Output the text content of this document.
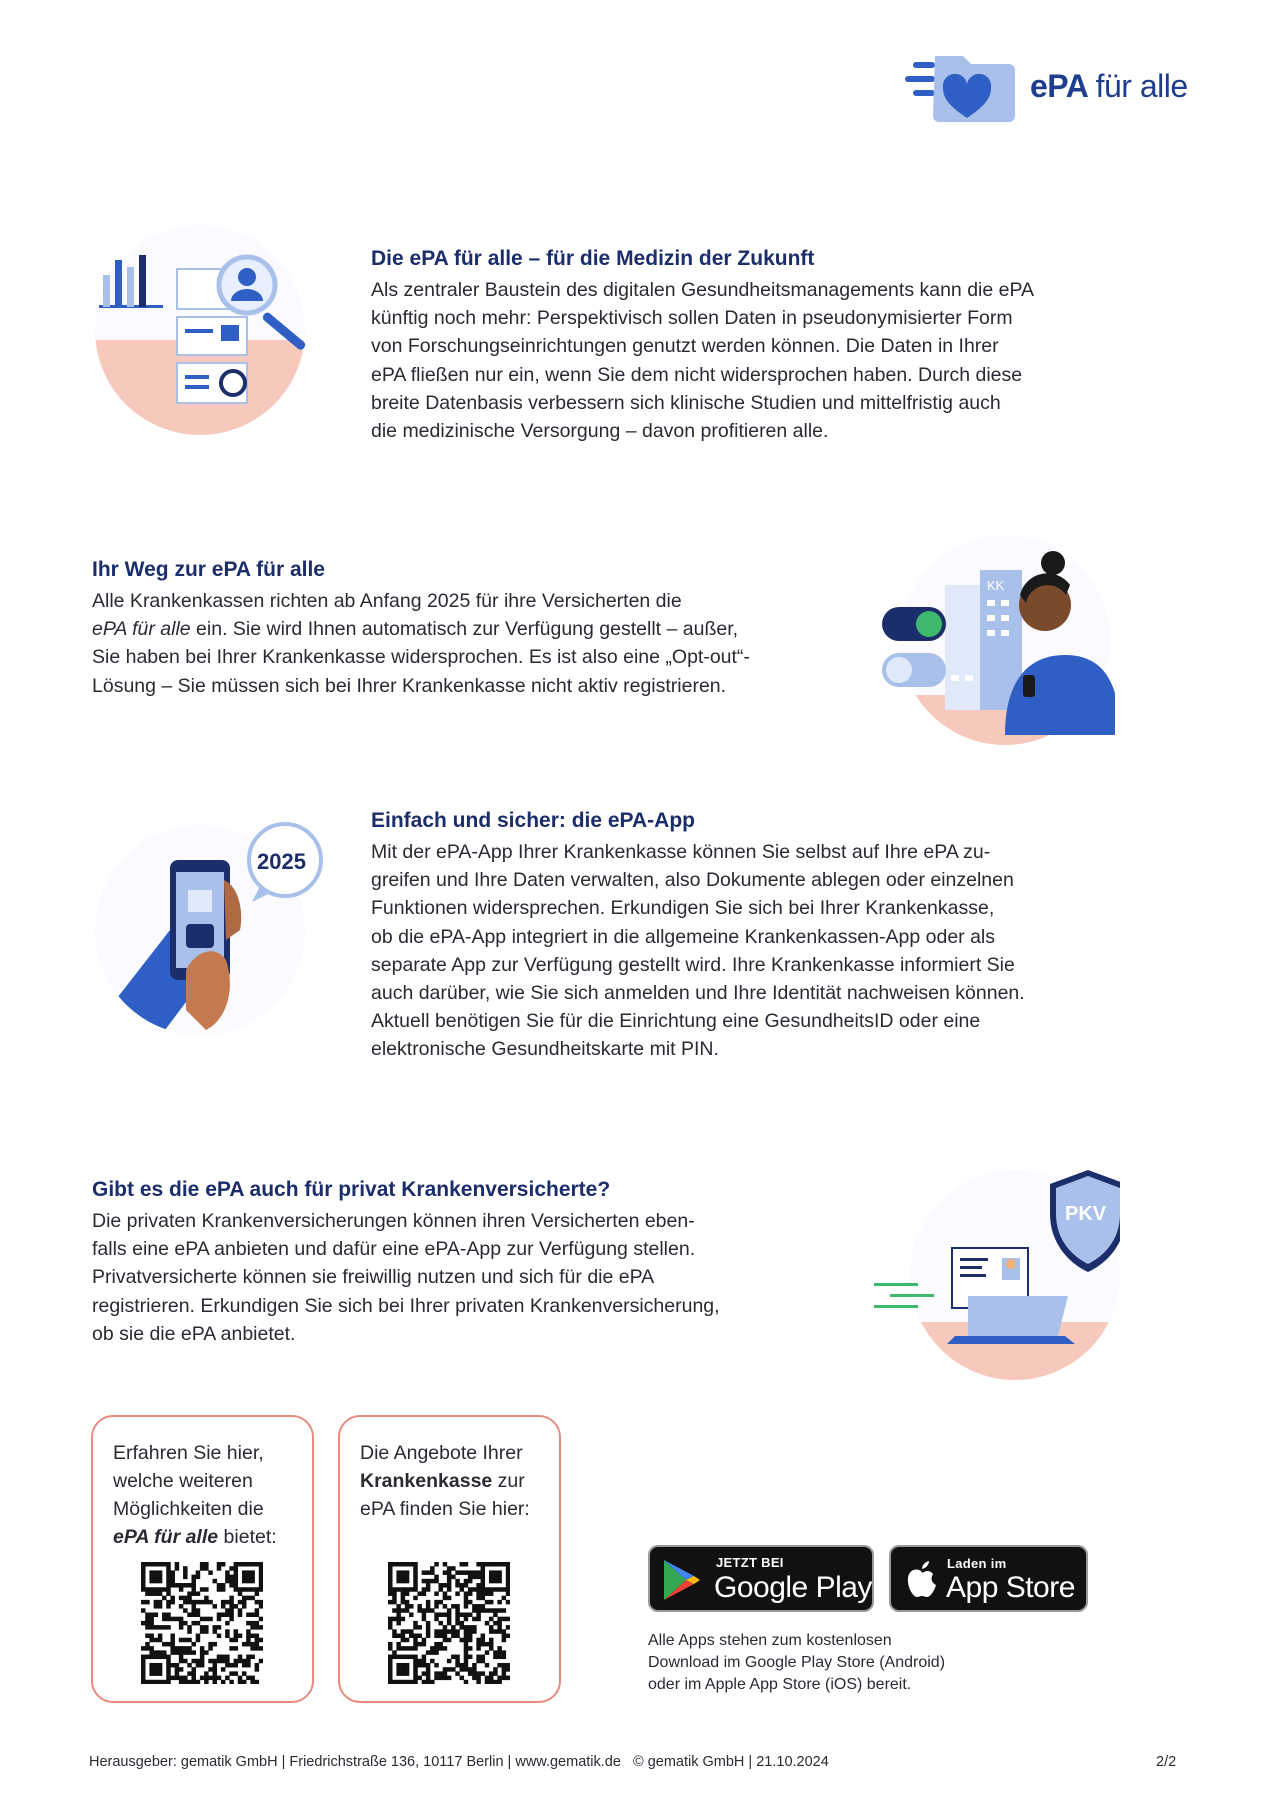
ePA für alle
Die ePA für alle – für die Medizin der Zukunft

Als zentraler Baustein des digitalen Gesundheitsmanagements kann die ePA
künftig noch mehr: Perspektivisch sollen Daten in pseudonymisierter Form
von Forschungseinrichtungen genutzt werden können. Die Daten in Ihrer
ePA fließen nur ein, wenn Sie dem nicht widersprochen haben. Durch diese
breite Datenbasis verbessern sich klinische Studien und mittelfristig auch
die medizinische Versorgung – davon profitieren alle.

Ihr Weg zur ePA für alle

Alle Krankenkassen richten ab Anfang 2025 für ihre Versicherten die
ePA für alle ein. Sie wird Ihnen automatisch zur Verfügung gestellt – außer,
Sie haben bei Ihrer Krankenkasse widersprochen. Es ist also eine „Opt-out“-
Lösung – Sie müssen sich bei Ihrer Krankenkasse nicht aktiv registrieren.

KK
2025
Einfach und sicher: die ePA-App

Mit der ePA-App Ihrer Krankenkasse können Sie selbst auf Ihre ePA zu-
greifen und Ihre Daten verwalten, also Dokumente ablegen oder einzelnen
Funktionen widersprechen. Erkundigen Sie sich bei Ihrer Krankenkasse,
ob die ePA-App integriert in die allgemeine Krankenkassen-App oder als
separate App zur Verfügung gestellt wird. Ihre Krankenkasse informiert Sie
auch darüber, wie Sie sich anmelden und Ihre Identität nachweisen können.
Aktuell benötigen Sie für die Einrichtung eine GesundheitsID oder eine
elektronische Gesundheitskarte mit PIN.

Gibt es die ePA auch für privat Krankenversicherte?

Die privaten Krankenversicherungen können ihren Versicherten eben-
falls eine ePA anbieten und dafür eine ePA-App zur Verfügung stellen.
Privatversicherte können sie freiwillig nutzen und sich für die ePA
registrieren. Erkundigen Sie sich bei Ihrer privaten Krankenversicherung,
ob sie die ePA anbietet.

PKV
Erfahren Sie hier,
welche weiteren
Möglichkeiten die
ePA für alle bietet:
Die Angebote Ihrer
Krankenkasse zur
ePA finden Sie hier:
JETZT BEI
Google Play
Laden im
App Store
Alle Apps stehen zum kostenlosen
Download im Google Play Store (Android)
oder im Apple App Store (iOS) bereit.
Herausgeber: gematik GmbH | Friedrichstraße 136, 10117 Berlin | www.gematik.de   © gematik GmbH | 21.10.2024	2/2
